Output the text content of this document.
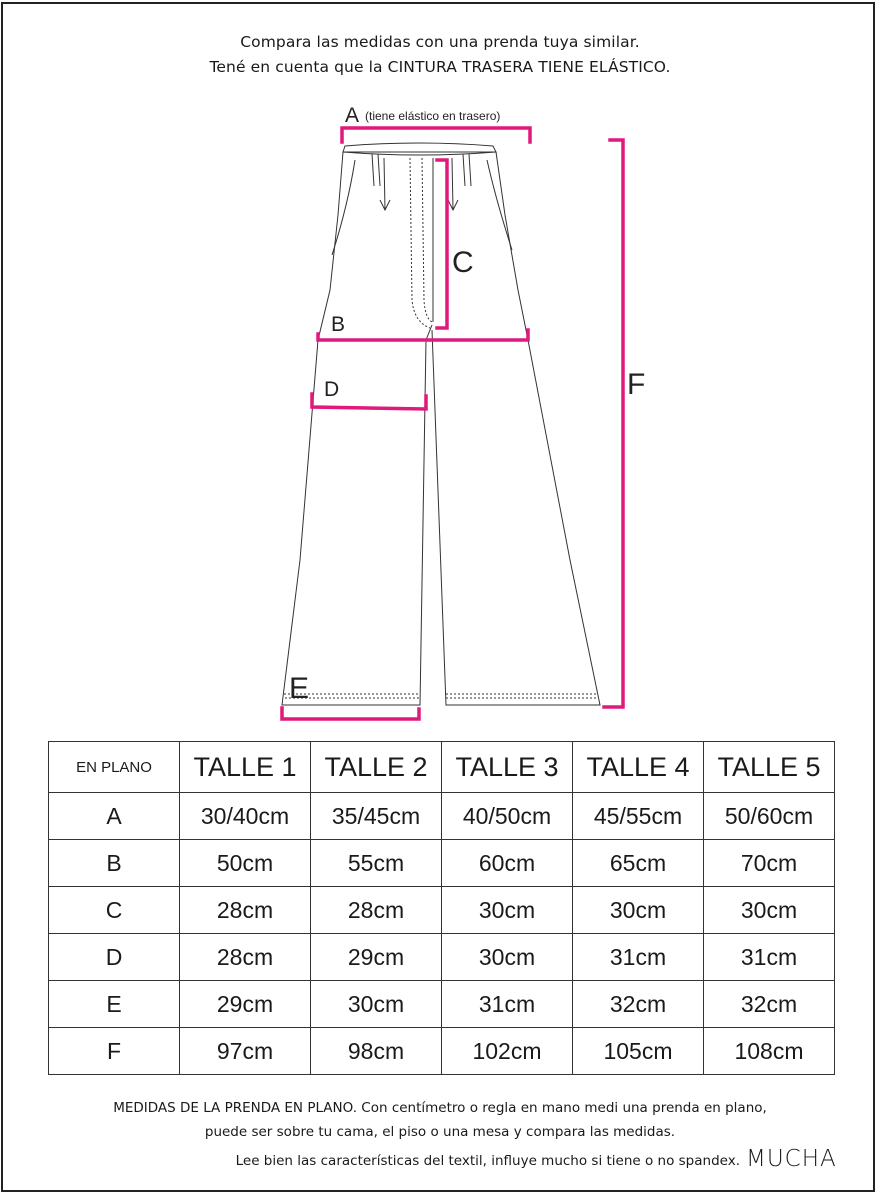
Compara las medidas con una prenda tuya similar.
Tené en cuenta que la CINTURA TRASERA TIENE ELÁSTICO.
A (tiene elástico en trasero)
C
B
D	F
E
EN PLANO	TALLE 1	TALLE 2	TALLE 3	TALLE 4	TALLE 5
A	30/40cm	35/45cm	40/50cm	45/55cm	50/60cm
B	50cm	55cm	60cm	65cm	70cm
C	28cm	28cm	30cm	30cm	30cm
D	28cm	29cm	30cm	31cm	31cm
E	29cm	30cm	31cm	32cm	32cm
F	97cm	98cm	102cm	105cm	108cm
MEDIDAS DE LA PRENDA EN PLANO. Con centímetro o regla en mano medi una prenda en plano,
puede ser sobre tu cama, el piso o una mesa y compara las medidas.
Lee bien las características del textil, influye mucho si tiene o no spandex. MUCHA
